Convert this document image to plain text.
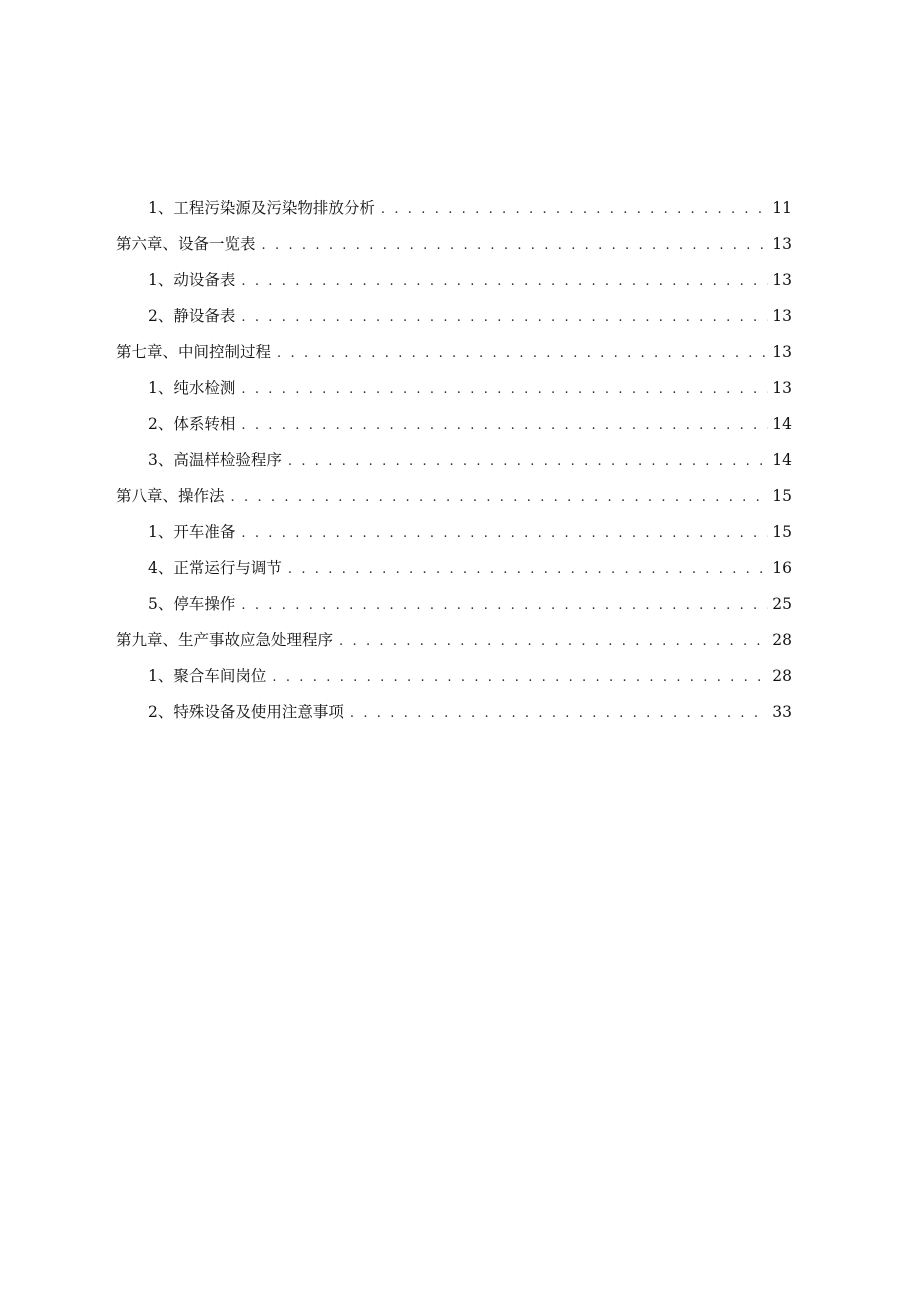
1、工程污染源及污染物排放分析 . . .	11
第六章、设备一览表 . . .	13
1、动设备表 . . .	13
2、静设备表 . . .	13
第七章、中间控制过程 . . .	13
1、纯水检测 . . .	13
2、体系转相 . . .	14
3、高温样检验程序 . . .	14
第八章、操作法 . . .	15
1、开车准备 . . .	15
4、正常运行与调节 . . .	16
5、停车操作 . . .	25
第九章、生产事故应急处理程序 . . .	28
1、聚合车间岗位 . . .	28
2、特殊设备及使用注意事项 . . .	33
